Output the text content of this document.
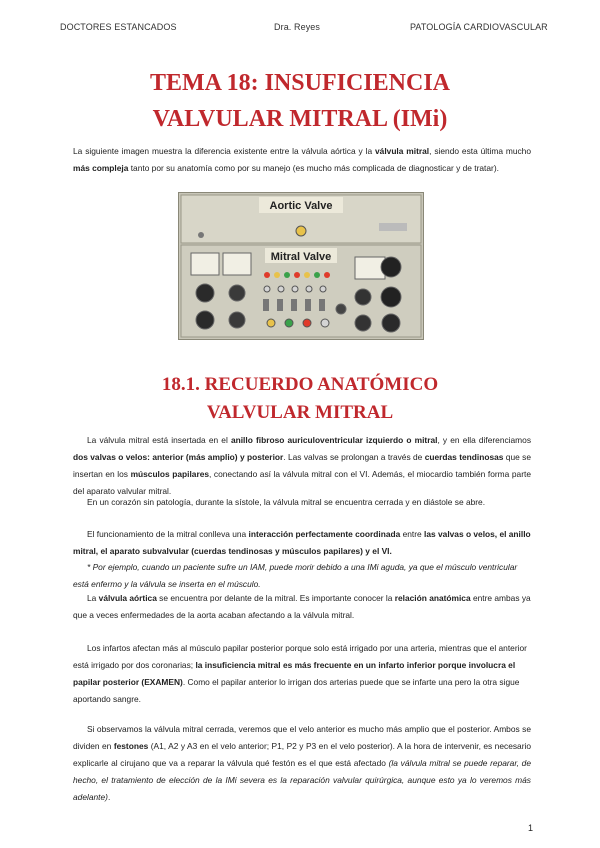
DOCTORES ESTANCADOS	Dra. Reyes	PATOLOGÍA CARDIOVASCULAR
TEMA 18: INSUFICIENCIA
VALVULAR MITRAL (IMi)
La siguiente imagen muestra la diferencia existente entre la válvula aórtica y la válvula mitral, siendo esta última mucho más compleja tanto por su anatomía como por su manejo (es mucho más complicada de diagnosticar y de tratar).
Aortic Valve
Mitral Valve
18.1. RECUERDO ANATÓMICO
VALVULAR MITRAL
La válvula mitral está insertada en el anillo fibroso auriculoventricular izquierdo o mitral, y en ella diferenciamos dos valvas o velos: anterior (más amplio) y posterior. Las valvas se prolongan a través de cuerdas tendinosas que se insertan en los músculos papilares, conectando así la válvula mitral con el VI. Además, el miocardio también forma parte del aparato valvular mitral.
En un corazón sin patología, durante la sístole, la válvula mitral se encuentra cerrada y en diástole se abre.
El funcionamiento de la mitral conlleva una interacción perfectamente coordinada entre las valvas o velos, el anillo mitral, el aparato subvalvular (cuerdas tendinosas y músculos papilares) y el VI.
* Por ejemplo, cuando un paciente sufre un IAM, puede morir debido a una IMi aguda, ya que el músculo ventricular está enfermo y la válvula se inserta en el músculo.
La válvula aórtica se encuentra por delante de la mitral. Es importante conocer la relación anatómica entre ambas ya que a veces enfermedades de la aorta acaban afectando a la válvula mitral.
Los infartos afectan más al músculo papilar posterior porque solo está irrigado por una arteria, mientras que el anterior está irrigado por dos coronarias; la insuficiencia mitral es más frecuente en un infarto inferior porque involucra el papilar posterior (EXAMEN). Como el papilar anterior lo irrigan dos arterias puede que se infarte una pero la otra sigue aportando sangre.
Si observamos la válvula mitral cerrada, veremos que el velo anterior es mucho más amplio que el posterior. Ambos se dividen en festones (A1, A2 y A3 en el velo anterior; P1, P2 y P3 en el velo posterior). A la hora de intervenir, es necesario explicarle al cirujano que va a reparar la válvula qué festón es el que está afectado (la válvula mitral se puede reparar, de hecho, el tratamiento de elección de la IMi severa es la reparación valvular quirúrgica, aunque esto ya lo veremos más adelante).
1
